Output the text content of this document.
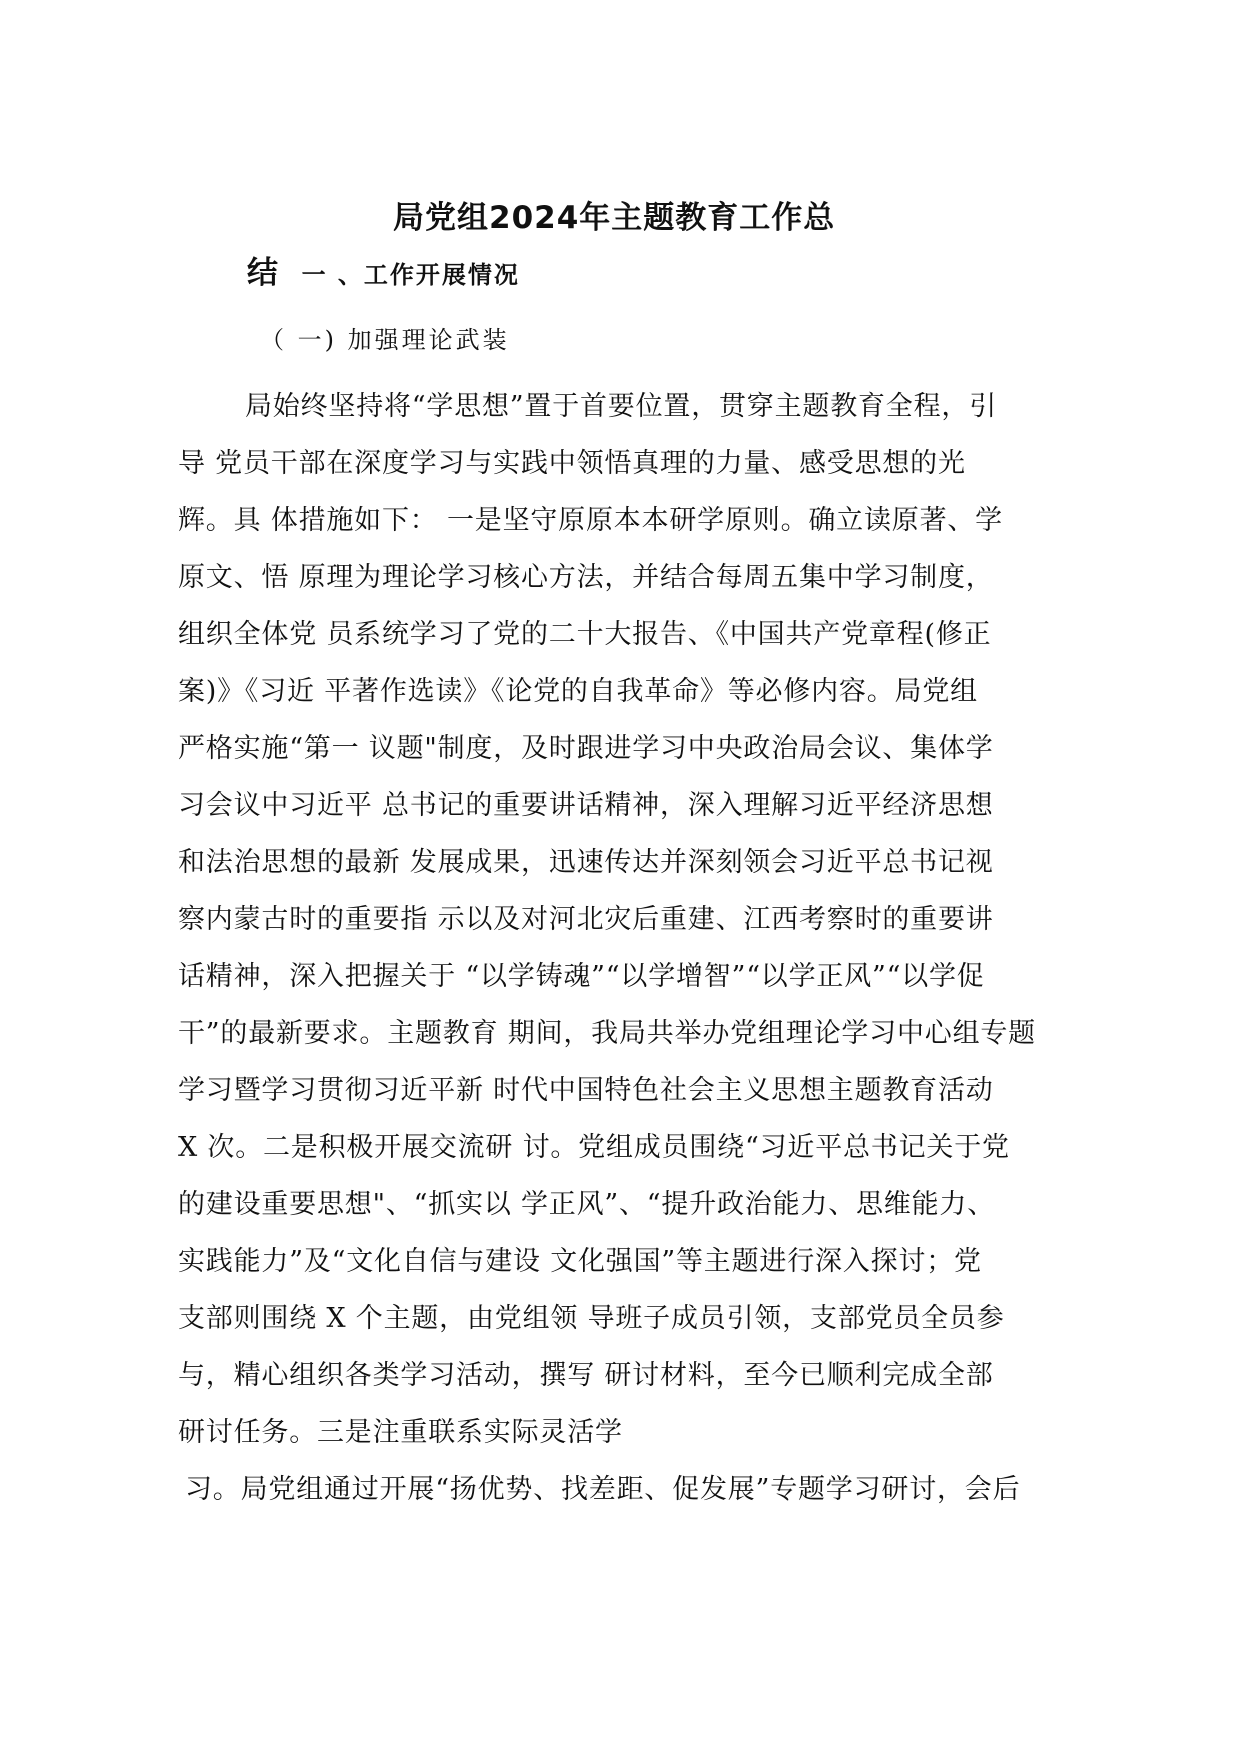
局党组2024年主题教育工作总
结 一 、工作开展情况

（ 一) 加强理论武装

局始终坚持将“学思想”置于首要位置，贯穿主题教育全程，引

导 党员干部在深度学习与实践中领悟真理的力量、感受思想的光

辉。具 体措施如下： 一是坚守原原本本研学原则。确立读原著、学

原文、悟 原理为理论学习核心方法，并结合每周五集中学习制度，

组织全体党 员系统学习了党的二十大报告、《中国共产党章程(修正

案)》《习近 平著作选读》《论党的自我革命》等必修内容。局党组

严格实施“第一 议题"制度，及时跟进学习中央政治局会议、集体学

习会议中习近平 总书记的重要讲话精神，深入理解习近平经济思想

和法治思想的最新 发展成果，迅速传达并深刻领会习近平总书记视

察内蒙古时的重要指 示以及对河北灾后重建、江西考察时的重要讲

话精神，深入把握关于 “以学铸魂”“以学增智”“以学正风”“以学促

干”的最新要求。主题教育 期间，我局共举办党组理论学习中心组专题

学习暨学习贯彻习近平新 时代中国特色社会主义思想主题教育活动

X 次。二是积极开展交流研 讨。党组成员围绕“习近平总书记关于党

的建设重要思想"、“抓实以 学正风”、“提升政治能力、思维能力、

实践能力”及“文化自信与建设 文化强国”等主题进行深入探讨；党

支部则围绕 X 个主题，由党组领 导班子成员引领，支部党员全员参

与，精心组织各类学习活动，撰写 研讨材料，至今已顺利完成全部

研讨任务。三是注重联系实际灵活学

习。局党组通过开展“扬优势、找差距、促发展”专题学习研讨，会后
